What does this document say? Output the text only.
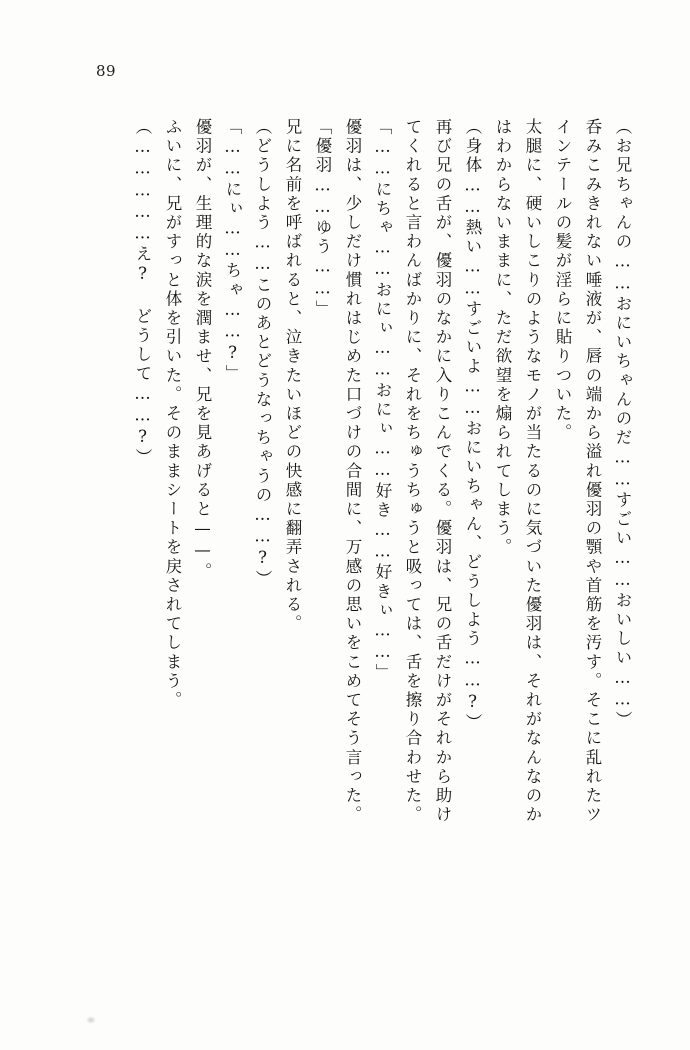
89
（お兄ちゃんの……おにいちゃんのだ……すごい……おいしい……）
呑みこみきれない唾液が、唇の端から溢れ優羽の顎や首筋を汚す。そこに乱れたツ
インテールの髪が淫らに貼りついた。
太腿に、硬いしこりのようなモノが当たるのに気づいた優羽は、それがなんなのか
はわからないままに、ただ欲望を煽られてしまう。
（身体……熱い……すごいよ……おにいちゃん、どうしよう……?）
再び兄の舌が、優羽のなかに入りこんでくる。優羽は、兄の舌だけがそれから助け
てくれると言わんばかりに、それをちゅうちゅうと吸っては、舌を擦り合わせた。
「……にちゃ……おにぃ……おにぃ……好き……好きぃ……」
優羽は、少しだけ慣れはじめた口づけの合間に、万感の思いをこめてそう言った。
「優羽……ゆう……」
兄に名前を呼ばれると、泣きたいほどの快感に翻弄される。
（どうしよう……このあとどうなっちゃうの……?）
「……にぃ……ちゃ……?」
優羽が、生理的な涙を潤ませ、兄を見あげると——。
ふいに、兄がすっと体を引いた。そのままシートを戻されてしまう。
（……………え? どうして……?）
